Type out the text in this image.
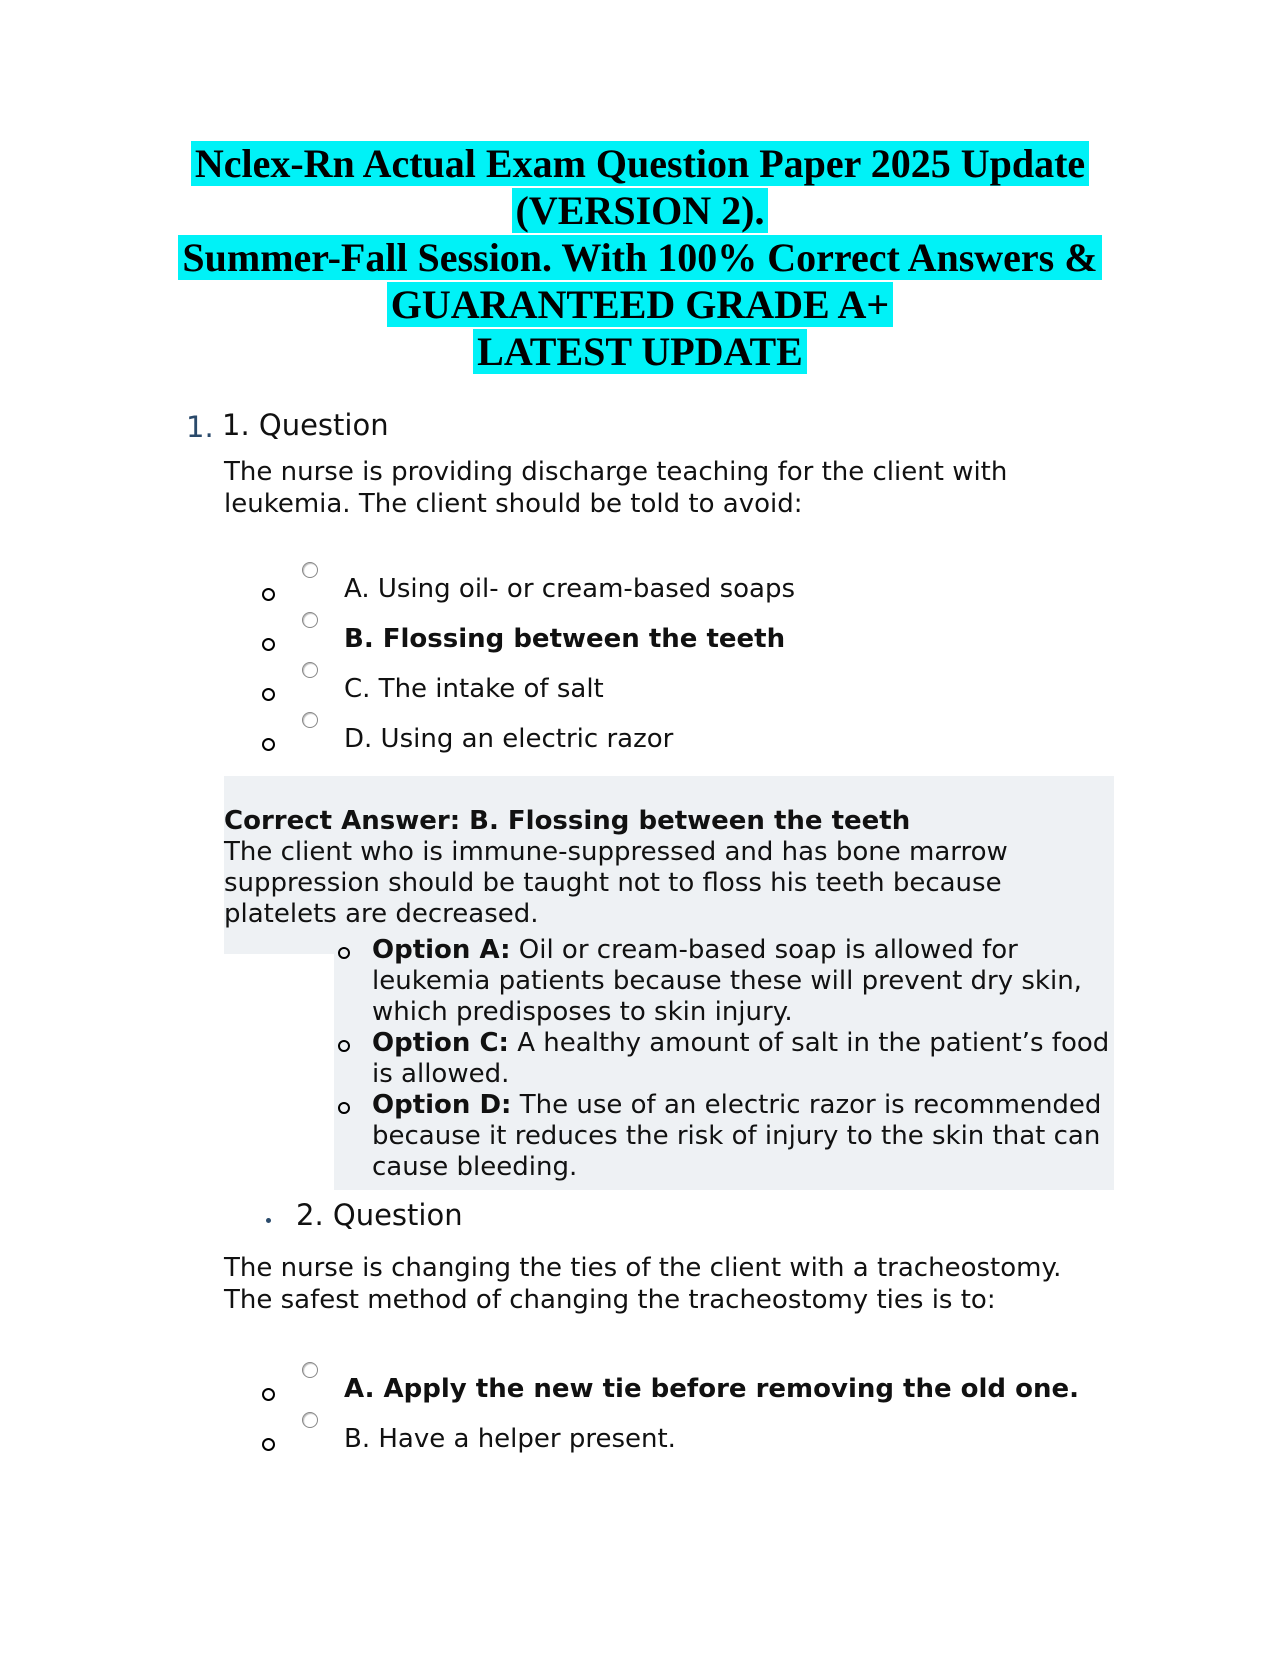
Nclex-Rn Actual Exam Question Paper 2025 Update
(VERSION 2).
Summer-Fall Session. With 100% Correct Answers &
GUARANTEED GRADE A+
LATEST UPDATE
1. 1. Question
The nurse is providing discharge teaching for the client with leukemia. The client should be told to avoid:
A. Using oil- or cream-based soaps
B. Flossing between the teeth
C. The intake of salt
D. Using an electric razor
Correct Answer: B. Flossing between the teeth
The client who is immune-suppressed and has bone marrow suppression should be taught not to floss his teeth because platelets are decreased.
Option A: Oil or cream-based soap is allowed for leukemia patients because these will prevent dry skin, which predisposes to skin injury.
Option C: A healthy amount of salt in the patient’s food is allowed.
Option D: The use of an electric razor is recommended because it reduces the risk of injury to the skin that can cause bleeding.
2. Question
The nurse is changing the ties of the client with a tracheostomy. The safest method of changing the tracheostomy ties is to:
A. Apply the new tie before removing the old one.
B. Have a helper present.
